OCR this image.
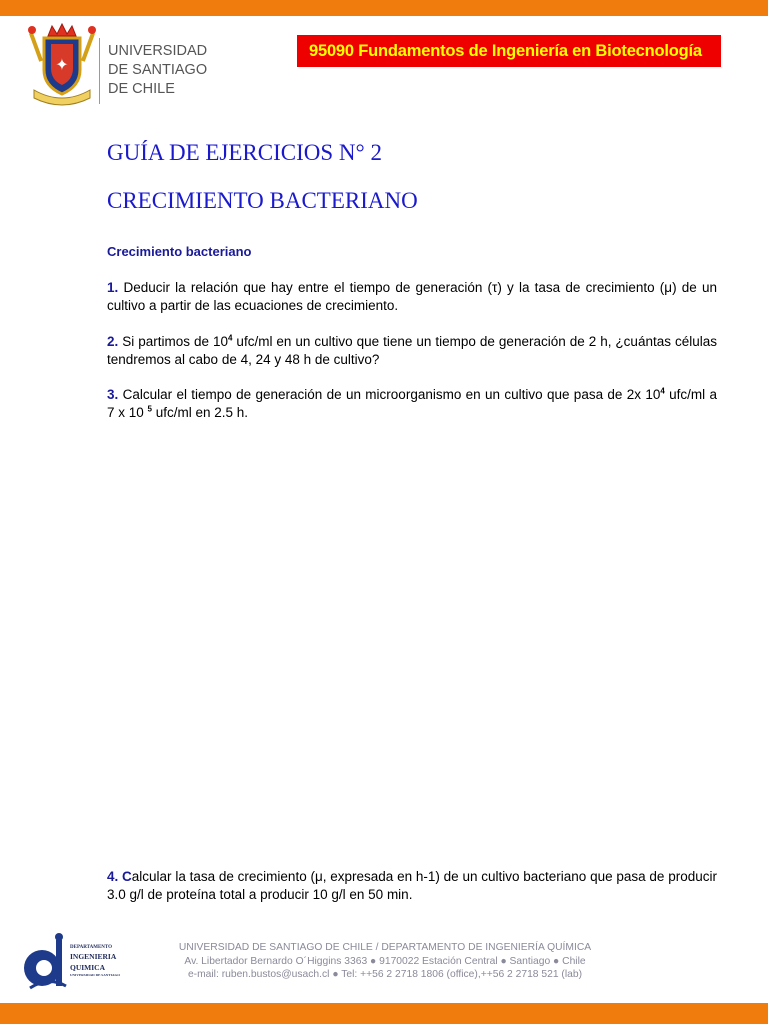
✦
UNIVERSIDAD
DE SANTIAGO
DE CHILE
95090 Fundamentos de Ingeniería en Biotecnología
GUÍA DE EJERCICIOS N° 2
CRECIMIENTO BACTERIANO
Crecimiento bacteriano

1. Deducir la relación que hay entre el tiempo de generación (τ) y la tasa de crecimiento (μ) de un cultivo a partir de las ecuaciones de crecimiento.

2. Si partimos de $10^4$ ufc/ml en un cultivo que tiene un tiempo de generación de 2 h, ¿cuántas células tendremos al cabo de 4, 24 y 48 h de cultivo?

3. Calcular el tiempo de generación de un microorganismo en un cultivo que pasa de 2x $10^4$ ufc/ml a 7 x 10 $^5$ ufc/ml en 2.5 h.

4. Calcular la tasa de crecimiento (μ, expresada en h-1) de un cultivo bacteriano que pasa de producir 3.0 g/l de proteína total a producir 10 g/l en 50 min.

DEPARTAMENTO
INGENIERIA
QUIMICA
UNIVERSIDAD DE SANTIAGO
UNIVERSIDAD DE SANTIAGO DE CHILE / DEPARTAMENTO DE INGENIERÍA QUÍMICA
Av. Libertador Bernardo O´Higgins 3363 ● 9170022 Estación Central ● Santiago ● Chile
e-mail: ruben.bustos@usach.cl ● Tel: ++56 2 2718 1806 (office),++56 2 2718 521 (lab)
